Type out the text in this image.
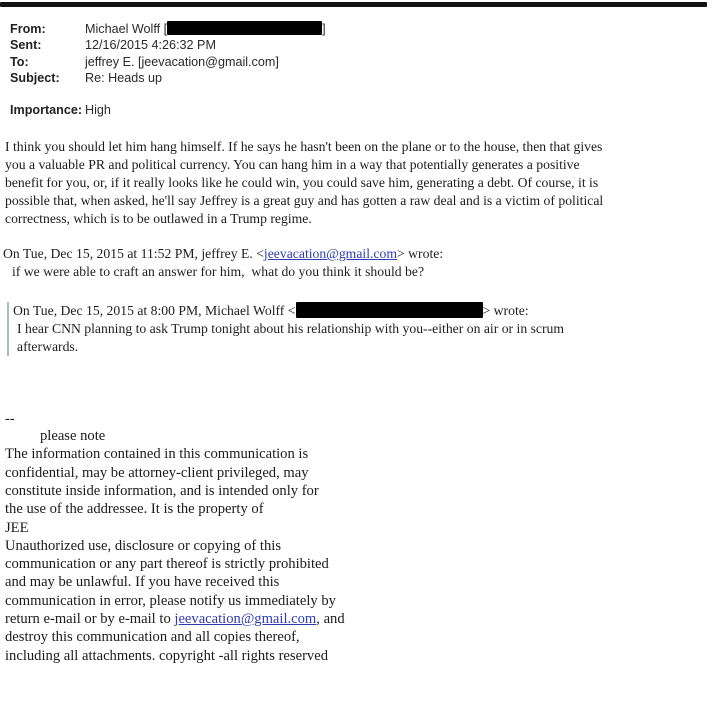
From:	Michael Wolff [	]
Sent:	12/16/2015 4:26:32 PM
To:	jeffrey E. [jeevacation@gmail.com]
Subject:	Re: Heads up
Importance: High
I think you should let him hang himself. If he says he hasn't been on the plane or to the house, then that gives
you a valuable PR and political currency. You can hang him in a way that potentially generates a positive
benefit for you, or, if it really looks like he could win, you could save him, generating a debt. Of course, it is
possible that, when asked, he'll say Jeffrey is a great guy and has gotten a raw deal and is a victim of political
correctness, which is to be outlawed in a Trump regime.
On Tue, Dec 15, 2015 at 11:52 PM, jeffrey E. <jeevacation@gmail.com> wrote:
if we were able to craft an answer for him,  what do you think it should be?
On Tue, Dec 15, 2015 at 8:00 PM, Michael Wolff <	> wrote:
I hear CNN planning to ask Trump tonight about his relationship with you--either on air or in scrum
afterwards.
--
please note
The information contained in this communication is
confidential, may be attorney-client privileged, may
constitute inside information, and is intended only for
the use of the addressee. It is the property of
JEE
Unauthorized use, disclosure or copying of this
communication or any part thereof is strictly prohibited
and may be unlawful. If you have received this
communication in error, please notify us immediately by
return e-mail or by e-mail to jeevacation@gmail.com, and
destroy this communication and all copies thereof,
including all attachments. copyright -all rights reserved
